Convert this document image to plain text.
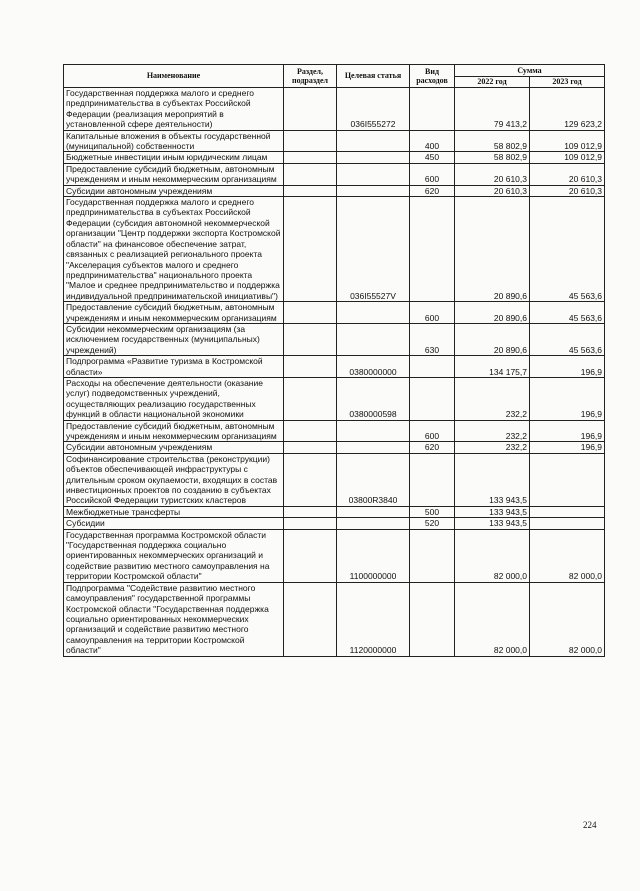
Наименование	Раздел, подраздел	Целевая статья	Вид расходов	Сумма	
				2022 год	2023 год
Государственная поддержка малого и среднего предпринимательства в субъектах Российской Федерации (реализация мероприятий в установленной сфере деятельности)		036I555272		79 413,2	129 623,2
Капитальные вложения в объекты государственной (муниципальной) собственности			400	58 802,9	109 012,9
Бюджетные инвестиции иным юридическим лицам			450	58 802,9	109 012,9
Предоставление субсидий бюджетным, автономным учреждениям и иным некоммерческим организациям			600	20 610,3	20 610,3
Субсидии автономным учреждениям			620	20 610,3	20 610,3
Государственная поддержка малого и среднего предпринимательства в субъектах Российской Федерации (субсидия автономной некоммерческой организации "Центр поддержки экспорта Костромской области" на финансовое обеспечение затрат, связанных с реализацией регионального проекта "Акселерация субъектов малого и среднего предпринимательства" национального проекта "Малое и среднее предпринимательство и поддержка индивидуальной предпринимательской инициативы")		036I55527V		20 890,6	45 563,6
Предоставление субсидий бюджетным, автономным учреждениям и иным некоммерческим организациям			600	20 890,6	45 563,6
Субсидии некоммерческим организациям (за исключением государственных (муниципальных) учреждений)			630	20 890,6	45 563,6
Подпрограмма «Развитие туризма в Костромской области»		0380000000		134 175,7	196,9
Расходы на обеспечение деятельности (оказание услуг) подведомственных учреждений, осуществляющих реализацию государственных функций в области национальной экономики		0380000598		232,2	196,9
Предоставление субсидий бюджетным, автономным учреждениям и иным некоммерческим организациям			600	232,2	196,9
Субсидии автономным учреждениям			620	232,2	196,9
Софинансирование строительства (реконструкции) объектов обеспечивающей инфраструктуры с длительным сроком окупаемости, входящих в состав инвестиционных проектов по созданию в субъектах Российской Федерации туристских кластеров		03800R3840		133 943,5	
Межбюджетные трансферты			500	133 943,5	
Субсидии			520	133 943,5	
Государственная программа Костромской области "Государственная поддержка социально ориентированных некоммерческих организаций и содействие развитию местного самоуправления на территории Костромской области"		1100000000		82 000,0	82 000,0
Подпрограмма "Содействие развитию местного самоуправления" государственной программы Костромской области "Государственная поддержка социально ориентированных некоммерческих организаций и содействие развитию местного самоуправления на территории Костромской области"		1120000000		82 000,0	82 000,0
224
